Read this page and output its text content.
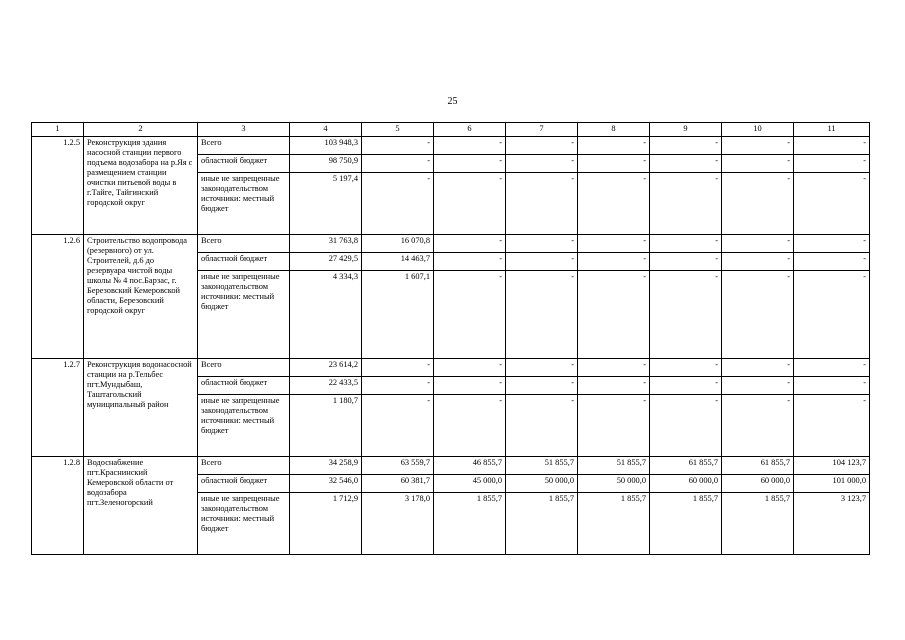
25
1	2	3	4	5	6	7	8	9	10	11
1.2.5	Реконструкция здания насосной станции первого подъема водозабора на р.Яя с размещением станции очистки питьевой воды в г.Тайге, Тайгинский городской округ	Всего	103 948,3	-	-	-	-	-	-	-
		областной бюджет	98 750,9	-	-	-	-	-	-	-
		иные не запрещенные законодательством источники: местный бюджет	5 197,4	-	-	-	-	-	-	-
1.2.6	Строительство водопровода (резервного) от ул. Строителей, д.6 до резервуара чистой воды школы № 4 пос.Барзас, г. Березовский Кемеровской области, Березовский городской округ	Всего	31 763,8	16 070,8	-	-	-	-	-	-
		областной бюджет	27 429,5	14 463,7	-	-	-	-	-	-
		иные не запрещенные законодательством источники: местный бюджет	4 334,3	1 607,1	-	-	-	-	-	-
1.2.7	Реконструкция водонасосной станции на р.Тельбес пгт.Мундыбаш, Таштагольский муниципальный район	Всего	23 614,2	-	-	-	-	-	-	-
		областной бюджет	22 433,5	-	-	-	-	-	-	-
		иные не запрещенные законодательством источники: местный бюджет	1 180,7	-	-	-	-	-	-	-
1.2.8	Водоснабжение пгт.Краснинский Кемеровской области от водозабора пгт.Зеленогорский	Всего	34 258,9	63 559,7	46 855,7	51 855,7	51 855,7	61 855,7	61 855,7	104 123,7
		областной бюджет	32 546,0	60 381,7	45 000,0	50 000,0	50 000,0	60 000,0	60 000,0	101 000,0
		иные не запрещенные законодательством источники: местный бюджет	1 712,9	3 178,0	1 855,7	1 855,7	1 855,7	1 855,7	1 855,7	3 123,7
